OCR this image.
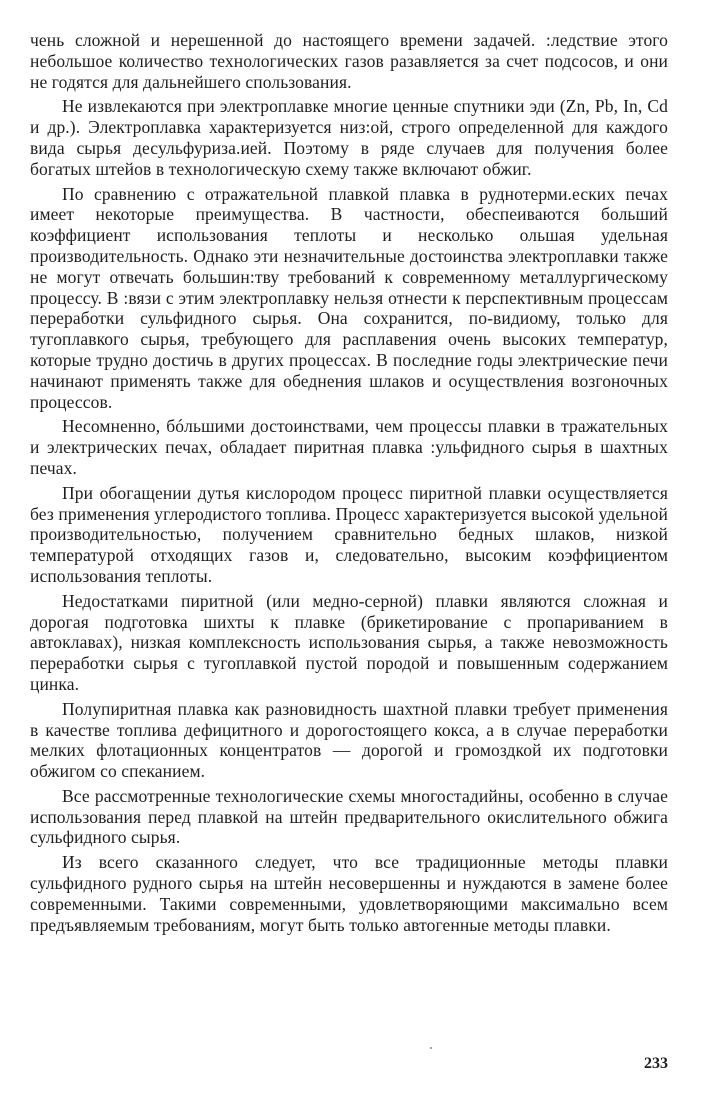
чень сложной и нерешенной до настоящего времени задачей. :ледствие этого небольшое количество технологических газов разавляется за счет подсосов, и они не годятся для дальнейшего спользования.

Не извлекаются при электроплавке многие ценные спутники эди (Zn, Pb, In, Cd и др.). Электроплавка характеризуется низ:ой, строго определенной для каждого вида сырья десульфуриза.ией. Поэтому в ряде случаев для получения более богатых штейов в технологическую схему также включают обжиг.

По сравнению с отражательной плавкой плавка в руднотерми.еских печах имеет некоторые преимущества. В частности, обеспеиваются больший коэффициент использования теплоты и несколько ольшая удельная производительность. Однако эти незначительные достоинства электроплавки также не могут отвечать большин:тву требований к современному металлургическому процессу. В :вязи с этим электроплавку нельзя отнести к перспективным процессам переработки сульфидного сырья. Она сохранится, по-видиому, только для тугоплавкого сырья, требующего для расплавения очень высоких температур, которые трудно достичь в других процессах. В последние годы электрические печи начинают применять также для обеднения шлаков и осуществления возгоночных процессов.

Несомненно, бóльшими достоинствами, чем процессы плавки в тражательных и электрических печах, обладает пиритная плавка :ульфидного сырья в шахтных печах.

При обогащении дутья кислородом процесс пиритной плавки осуществляется без применения углеродистого топлива. Процесс характеризуется высокой удельной производительностью, получением сравнительно бедных шлаков, низкой температурой отходящих газов и, следовательно, высоким коэффициентом использования теплоты.

Недостатками пиритной (или медно-серной) плавки являются сложная и дорогая подготовка шихты к плавке (брикетирование с пропариванием в автоклавах), низкая комплексность использования сырья, а также невозможность переработки сырья с тугоплавкой пустой породой и повышенным содержанием цинка.

Полупиритная плавка как разновидность шахтной плавки требует применения в качестве топлива дефицитного и дорогостоящего кокса, а в случае переработки мелких флотационных концентратов — дорогой и громоздкой их подготовки обжигом со спеканием.

Все рассмотренные технологические схемы многостадийны, особенно в случае использования перед плавкой на штейн предварительного окислительного обжига сульфидного сырья.

Из всего сказанного следует, что все традиционные методы плавки сульфидного рудного сырья на штейн несовершенны и нуждаются в замене более современными. Такими современными, удовлетворяющими максимально всем предъявляемым требованиям, могут быть только автогенные методы плавки.

233
